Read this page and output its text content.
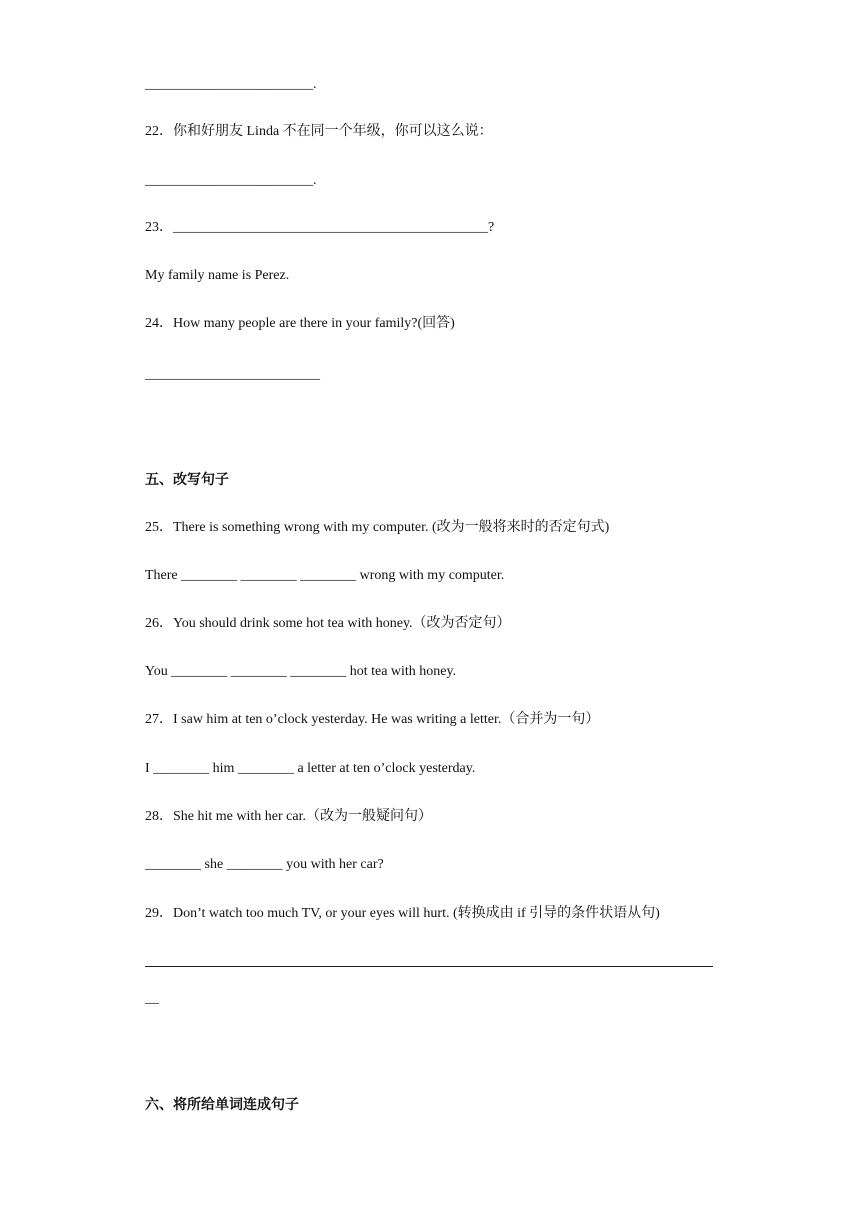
________________________.
22．你和好朋友 Linda 不在同一个年级，你可以这么说：
________________________.
23．_____________________________________________?
My family name is Perez.
24．How many people are there in your family?(回答)
_________________________
五、改写句子
25．There is something wrong with my computer. (改为一般将来时的否定句式)
There ________ ________ ________ wrong with my computer.
26．You should drink some hot tea with honey.（改为否定句）
You ________ ________ ________ hot tea with honey.
27．I saw him at ten o’clock yesterday. He was writing a letter.（合并为一句）
I ________ him ________ a letter at ten o’clock yesterday.
28．She hit me with her car.（改为一般疑问句）
________ she ________ you with her car?
29．Don’t watch too much TV, or your eyes will hurt. (转换成由 if 引导的条件状语从句)
__
六、将所给单词连成句子
